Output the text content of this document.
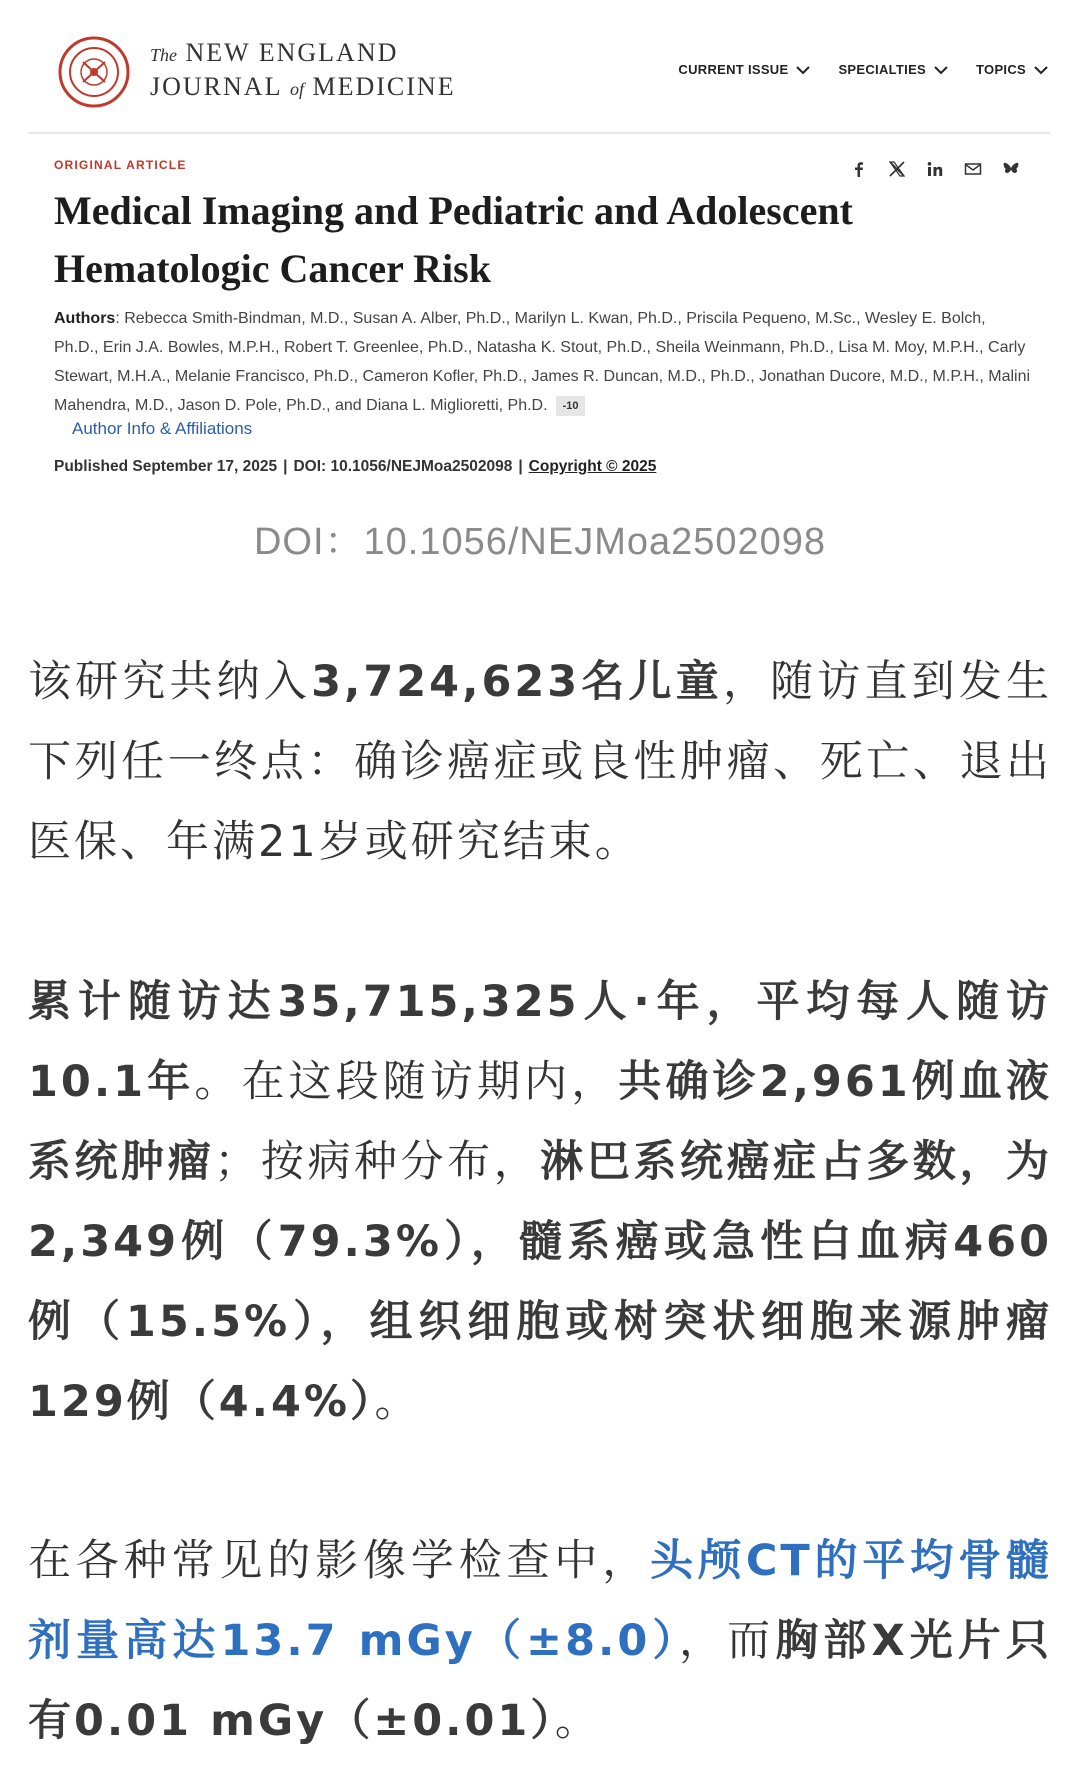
The NEW ENGLAND
JOURNAL of MEDICINE
CURRENT ISSUE	SPECIALTIES	TOPICS
ORIGINAL ARTICLE
Medical Imaging and Pediatric and Adolescent Hematologic Cancer Risk
Authors: Rebecca Smith-Bindman, M.D., Susan A. Alber, Ph.D., Marilyn L. Kwan, Ph.D., Priscila Pequeno, M.Sc., Wesley E. Bolch, Ph.D., Erin J.A. Bowles, M.P.H., Robert T. Greenlee, Ph.D., Natasha K. Stout, Ph.D., Sheila Weinmann, Ph.D., Lisa M. Moy, M.P.H., Carly Stewart, M.H.A., Melanie Francisco, Ph.D., Cameron Kofler, Ph.D., James R. Duncan, M.D., Ph.D., Jonathan Ducore, M.D., M.P.H., Malini Mahendra, M.D., Jason D. Pole, Ph.D., and Diana L. Miglioretti, Ph.D. -10
Author Info & Affiliations
Published September 17, 2025 | DOI: 10.1056/NEJMoa2502098 | Copyright © 2025
DOI：10.1056/NEJMoa2502098
该研究共纳入3,724,623名儿童，随访直到发生下列任一终点：确诊癌症或良性肿瘤、死亡、退出医保、年满21岁或研究结束。
累计随访达35,715,325人·年，平均每人随访10.1年。在这段随访期内，共确诊2,961例血液系统肿瘤；按病种分布，淋巴系统癌症占多数，为2,349例（79.3%），髓系癌或急性白血病460例（15.5%），组织细胞或树突状细胞来源肿瘤129例（4.4%）。
在各种常见的影像学检查中，头颅CT的平均骨髓剂量高达13.7 mGy（±8.0），而胸部X光片只有0.01 mGy（±0.01）。
